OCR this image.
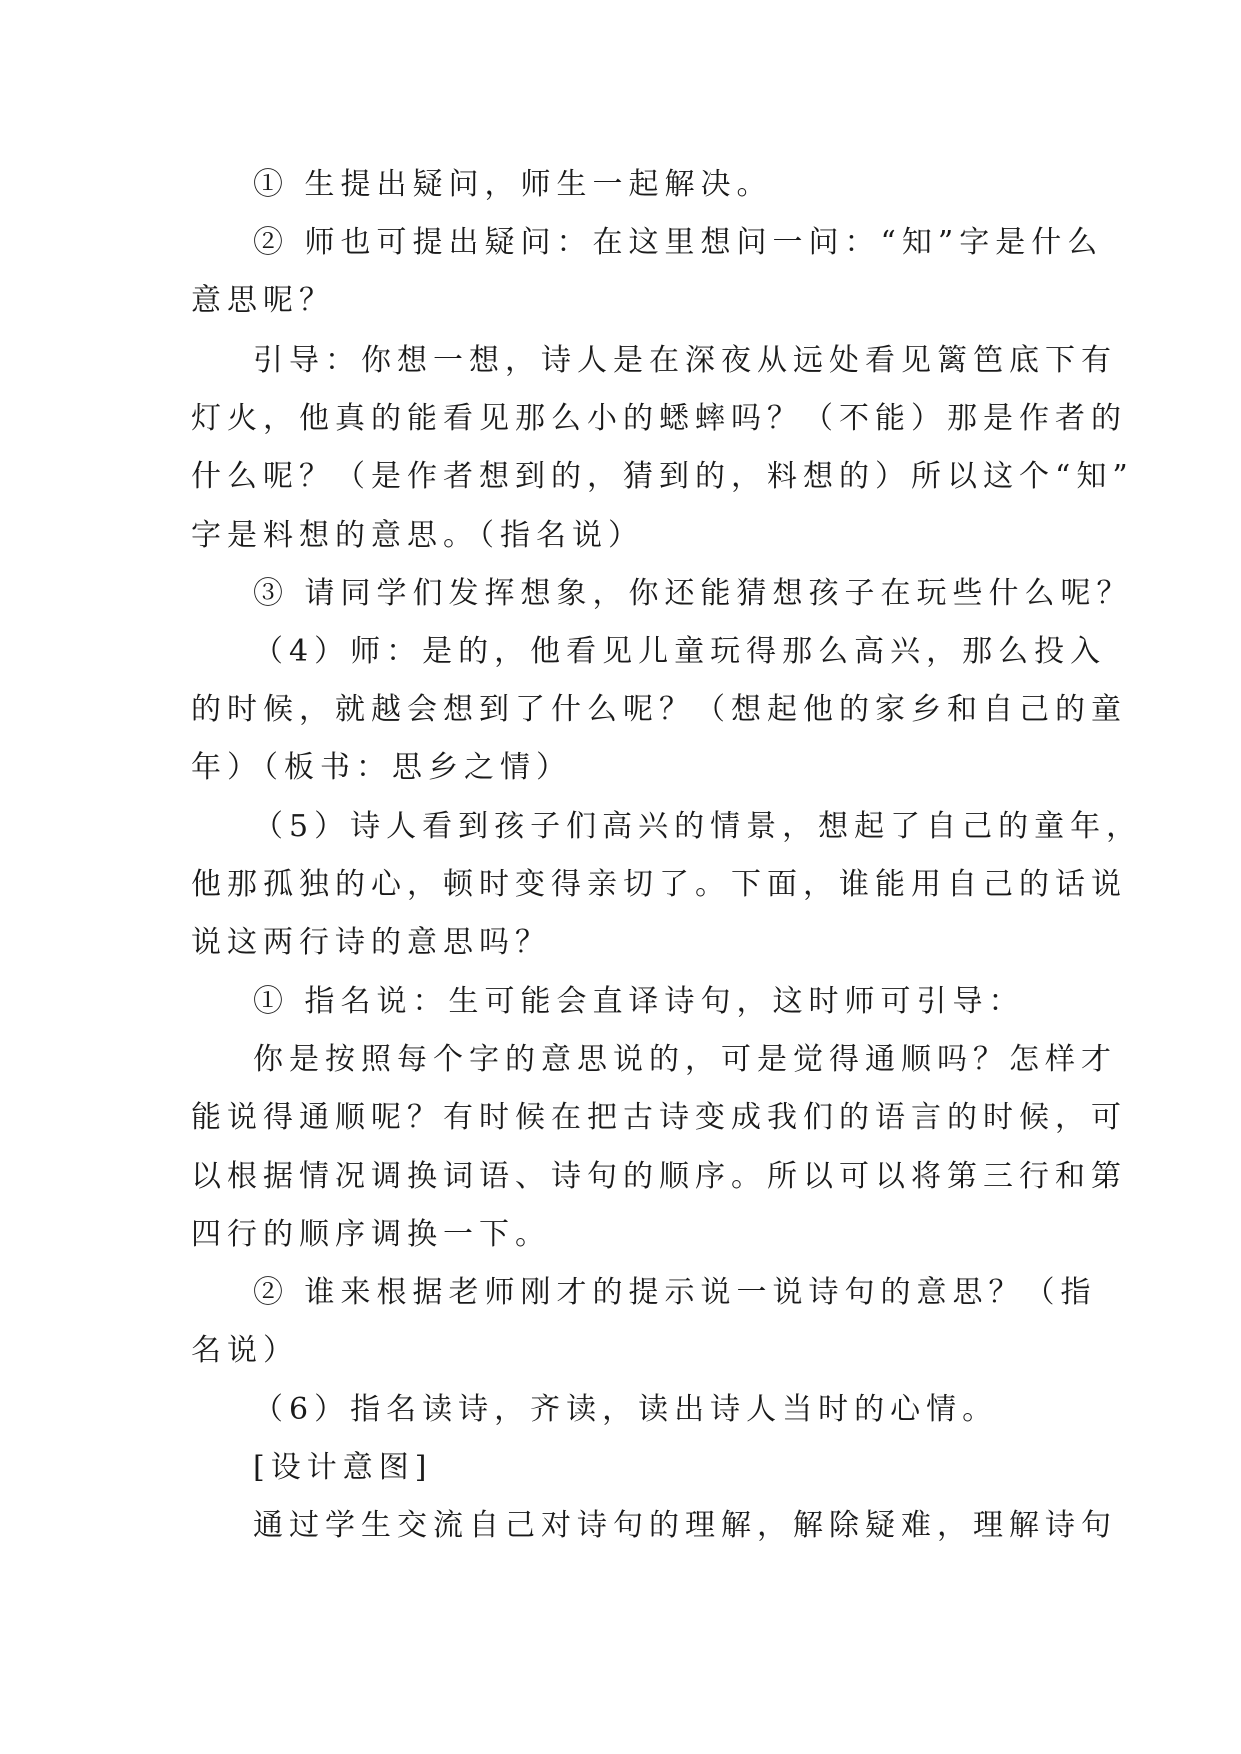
① 生提出疑问，师生一起解决。
② 师也可提出疑问：在这里想问一问：“知”字是什么
意思呢？
引导：你想一想，诗人是在深夜从远处看见篱笆底下有
灯火，他真的能看见那么小的蟋蟀吗？（不能）那是作者的
什么呢？（是作者想到的，猜到的，料想的）所以这个“知”
字是料想的意思。（指名说）
③ 请同学们发挥想象，你还能猜想孩子在玩些什么呢？
（4）师：是的，他看见儿童玩得那么高兴，那么投入
的时候，就越会想到了什么呢？（想起他的家乡和自己的童
年）（板书：思乡之情）
（5）诗人看到孩子们高兴的情景，想起了自己的童年，
他那孤独的心，顿时变得亲切了。下面，谁能用自己的话说
说这两行诗的意思吗？
① 指名说：生可能会直译诗句，这时师可引导：
你是按照每个字的意思说的，可是觉得通顺吗？怎样才
能说得通顺呢？有时候在把古诗变成我们的语言的时候，可
以根据情况调换词语、诗句的顺序。所以可以将第三行和第
四行的顺序调换一下。
② 谁来根据老师刚才的提示说一说诗句的意思？（指
名说）
（6）指名读诗，齐读，读出诗人当时的心情。
[设计意图]
通过学生交流自己对诗句的理解，解除疑难，理解诗句
